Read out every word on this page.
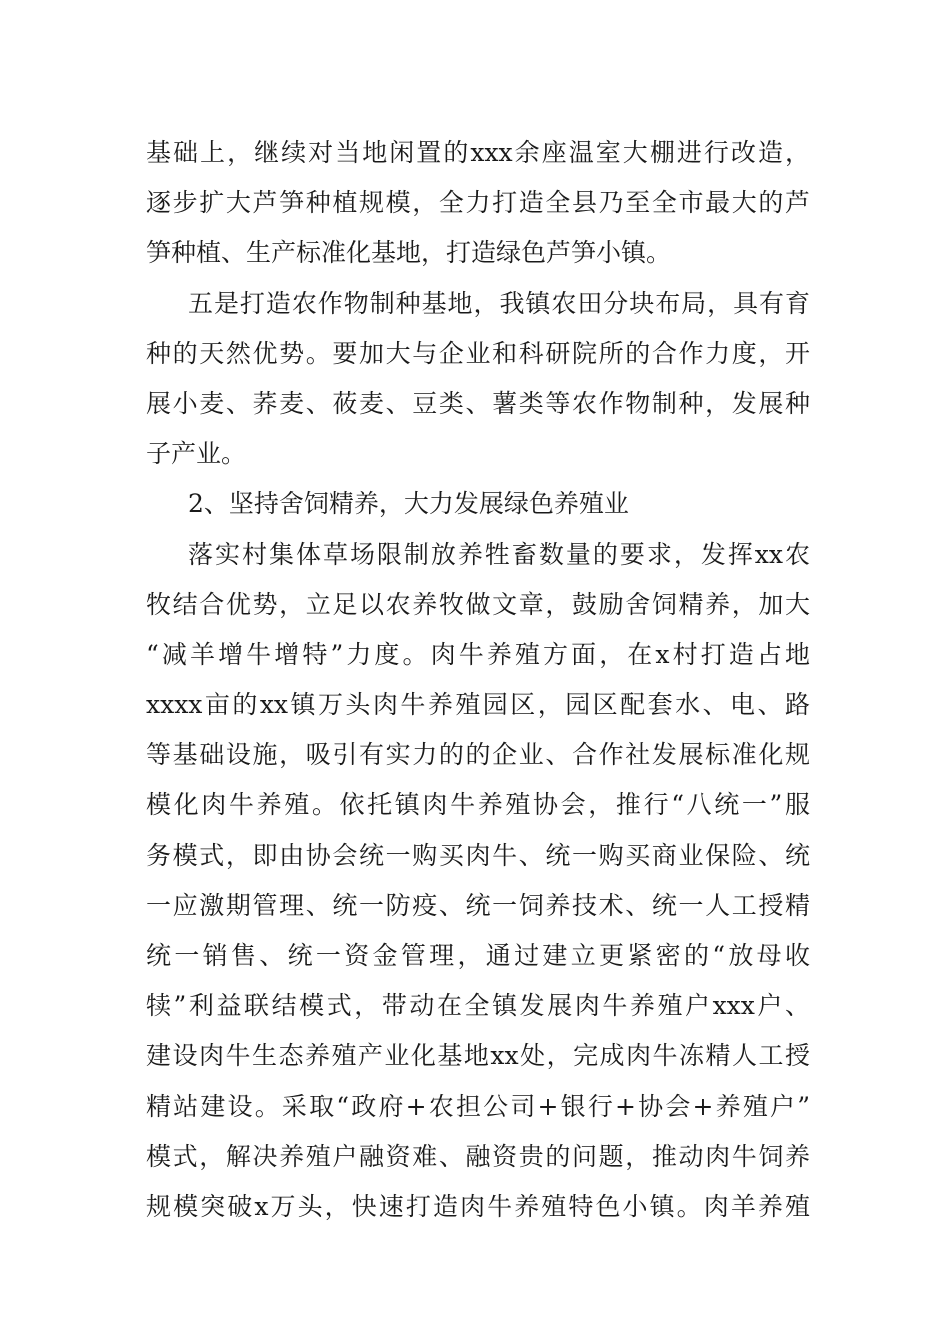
基础上，继续对当地闲置的xxx余座温室大棚进行改造，
逐步扩大芦笋种植规模，全力打造全县乃至全市最大的芦
笋种植、生产标准化基地，打造绿色芦笋小镇。
五是打造农作物制种基地，我镇农田分块布局，具有育
种的天然优势。要加大与企业和科研院所的合作力度，开
展小麦、荞麦、莜麦、豆类、薯类等农作物制种，发展种
子产业。
2、坚持舍饲精养，大力发展绿色养殖业
落实村集体草场限制放养牲畜数量的要求，发挥xx农
牧结合优势，立足以农养牧做文章，鼓励舍饲精养，加大
“减羊增牛增特”力度。肉牛养殖方面，在x村打造占地
xxxx亩的xx镇万头肉牛养殖园区，园区配套水、电、路
等基础设施，吸引有实力的的企业、合作社发展标准化规
模化肉牛养殖。依托镇肉牛养殖协会，推行“八统一”服
务模式，即由协会统一购买肉牛、统一购买商业保险、统
一应激期管理、统一防疫、统一饲养技术、统一人工授精
统一销售、统一资金管理，通过建立更紧密的“放母收
犊”利益联结模式，带动在全镇发展肉牛养殖户xxx户、
建设肉牛生态养殖产业化基地xx处，完成肉牛冻精人工授
精站建设。采取“政府+农担公司+银行+协会+养殖户”
模式，解决养殖户融资难、融资贵的问题，推动肉牛饲养
规模突破x万头，快速打造肉牛养殖特色小镇。肉羊养殖
